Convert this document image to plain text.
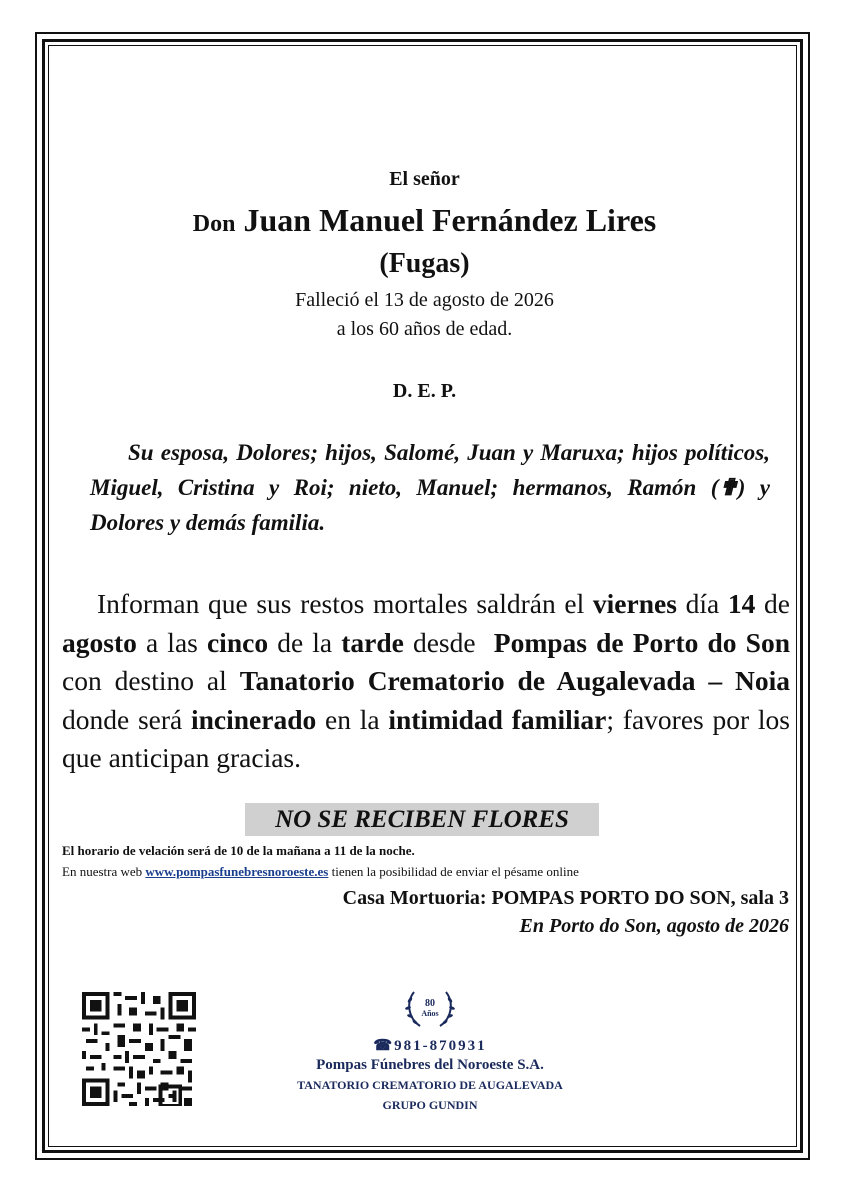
El señor
Don Juan Manuel Fernández Lires
(Fugas)
Falleció el 13 de agosto de 2026
a los 60 años de edad.
D. E. P.
Su esposa, Dolores; hijos, Salomé, Juan y Maruxa; hijos políticos, Miguel, Cristina y Roi; nieto, Manuel; hermanos, Ramón (✟) y Dolores y demás familia.
Informan que sus restos mortales saldrán el viernes día 14 de agosto a las cinco de la tarde desde  Pompas de Porto do Son con destino al Tanatorio Crematorio de Augalevada – Noia donde será incinerado en la intimidad familiar; favores por los que anticipan gracias.
NO SE RECIBEN FLORES
El horario de velación será de 10 de la mañana a 11 de la noche.
En nuestra web www.pompasfunebresnoroeste.es tienen la posibilidad de enviar el pésame online
Casa Mortuoria: POMPAS PORTO DO SON, sala 3
En Porto do Son, agosto de 2026
80
Años
☎981-870931
Pompas Fúnebres del Noroeste S.A.
TANATORIO CREMATORIO DE AUGALEVADA
GRUPO GUNDIN
